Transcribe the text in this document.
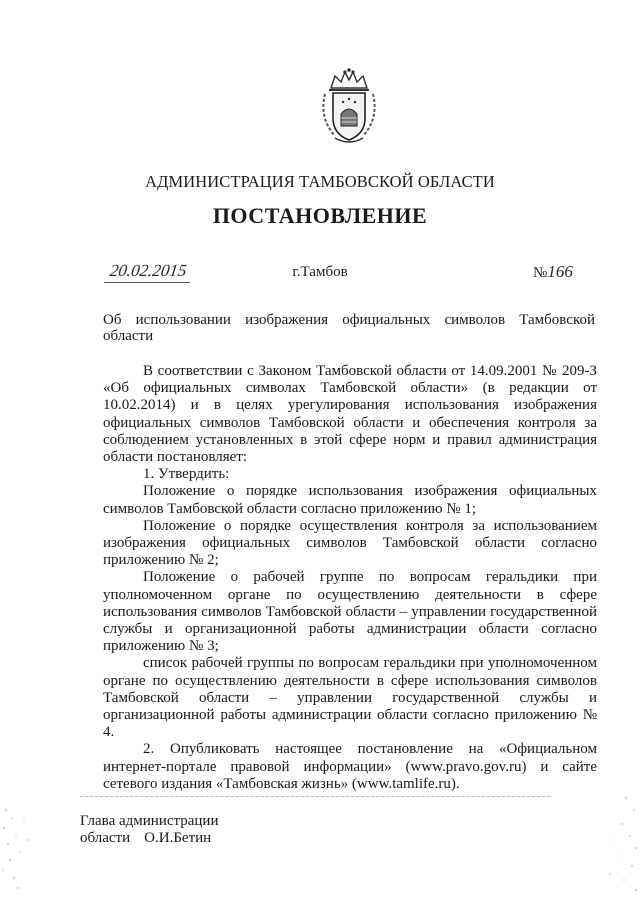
АДМИНИСТРАЦИЯ ТАМБОВСКОЙ ОБЛАСТИ
ПОСТАНОВЛЕНИЕ
20.02.2015	г.Тамбов	№166
Об использовании изображения официальных символов Тамбовской области

В соответствии с Законом Тамбовской области от 14.09.2001 № 209-З «Об официальных символах Тамбовской области» (в редакции от 10.02.2014) и в целях урегулирования использования изображения официальных символов Тамбовской области и обеспечения контроля за соблюдением установленных в этой сфере норм и правил администрация области постановляет:

1. Утвердить:

Положение о порядке использования изображения официальных символов Тамбовской области согласно приложению № 1;

Положение о порядке осуществления контроля за использованием изображения официальных символов Тамбовской области согласно приложению № 2;

Положение о рабочей группе по вопросам геральдики при уполномоченном органе по осуществлению деятельности в сфере использования символов Тамбовской области – управлении государственной службы и организационной работы администрации области согласно приложению № 3;

список рабочей группы по вопросам геральдики при уполномоченном органе по осуществлению деятельности в сфере использования символов Тамбовской области – управлении государственной службы и организационной работы администрации области согласно приложению № 4.

2. Опубликовать настоящее постановление на «Официальном интернет-портале правовой информации» (www.pravo.gov.ru) и сайте сетевого издания «Тамбовская жизнь» (www.tamlife.ru).

Глава администрации
области О.И.Бетин
